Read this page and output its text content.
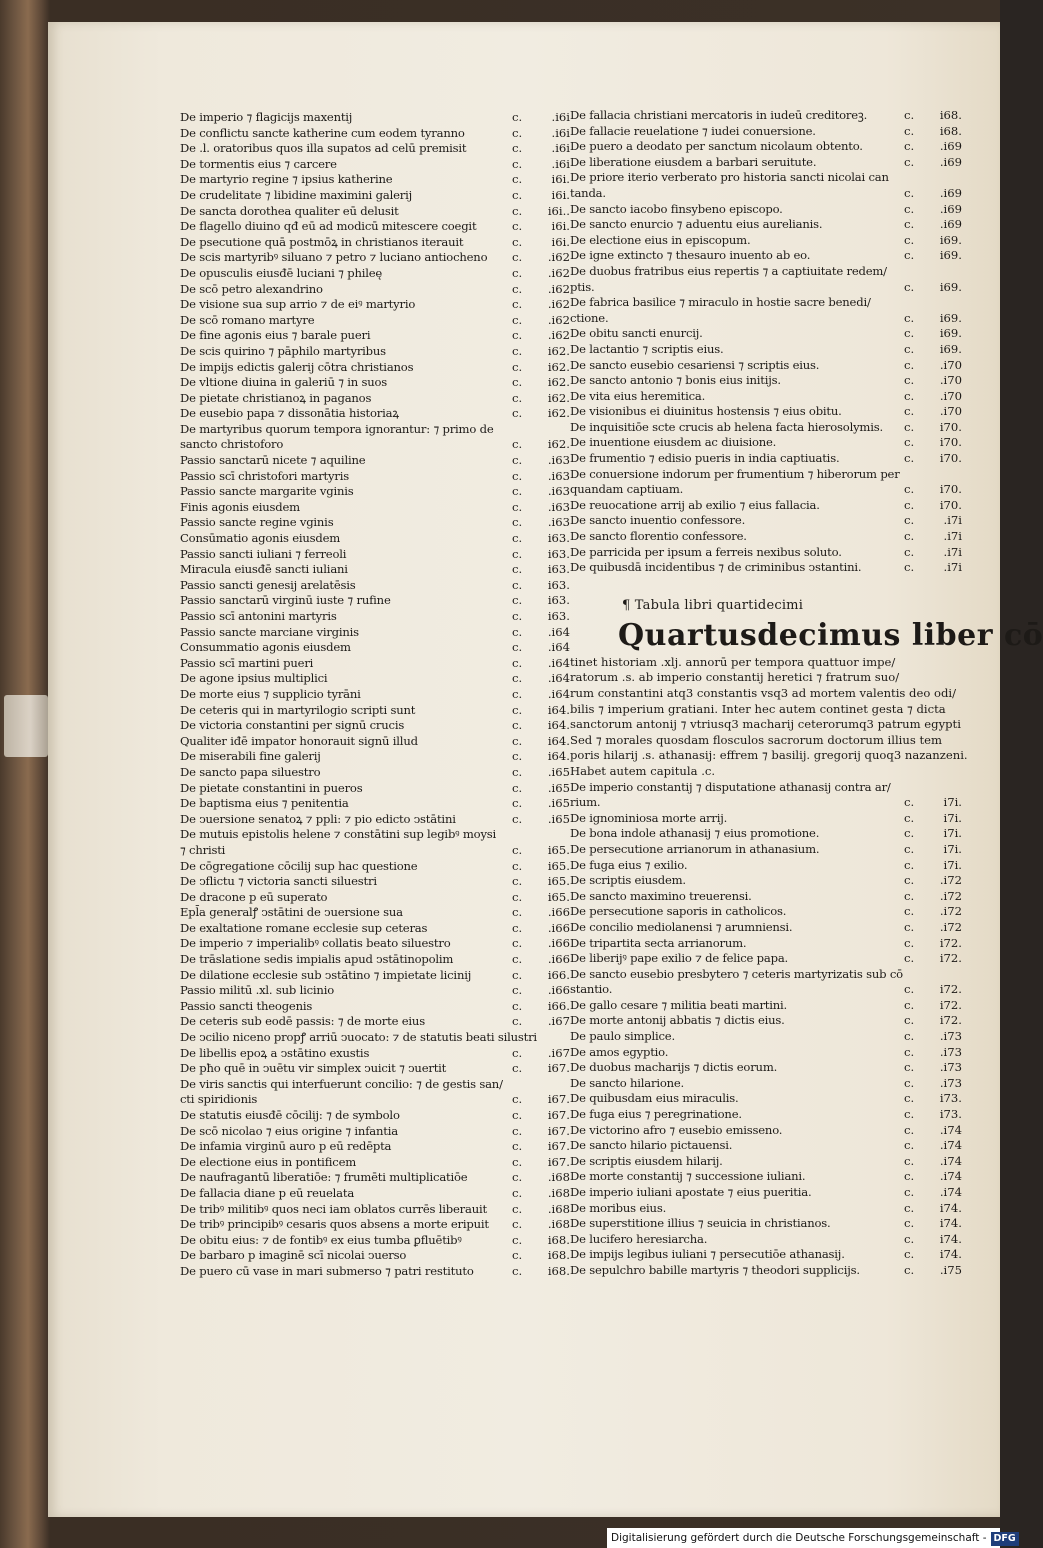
De imperio ⁊ flagicijs maxentij	c.	.i6i
De conflictu sancte katherine cum eodem tyranno	c.	.i6i
De .l. oratoribus quos illa supatos ad celū premisit	c.	.i6i
De tormentis eius ⁊ carcere	c.	.i6i
De martyrio regine ⁊ ipsius katherine	c.	i6i.
De crudelitate ⁊ libidine maximini galerij	c.	i6i.
De sancta dorothea qualiter eū delusit	c.	i6i..
De flagello diuino qđ eū ad modicū mitescere coegit	c.	i6i.
De psecutione quā postmōꝝ in christianos iterauit	c.	i6i.
De scis martyribꝰ siluano ⁊ petro ⁊ luciano antiocheno	c.	.i62
De opusculis eiusđē luciani ⁊ phileę	c.	.i62
De scō petro alexandrino	c.	.i62
De visione sua sup arrio ⁊ de eiꝰ martyrio	c.	.i62
De scō romano martyre	c.	.i62
De fine agonis eius ⁊ barale pueri	c.	.i62
De scis quirino ⁊ pāphilo martyribus	c.	i62.
De impijs edictis galerij cōtra christianos	c.	i62.
De vltione diuina in galeriū ⁊ in suos	c.	i62.
De pietate christianoꝝ in paganos	c.	i62.
De eusebio papa ⁊ dissonātia historiaꝝ	c.	i62.
De martyribus quorum tempora ignorantur: ⁊ primo de
sancto christoforo	c.	i62.
Passio sanctarū nicete ⁊ aquiline	c.	.i63
Passio scī christofori martyris	c.	.i63
Passio sancte margarite vginis	c.	.i63
Finis agonis eiusdem	c.	.i63
Passio sancte regine vginis	c.	.i63
Consūmatio agonis eiusdem	c.	i63.
Passio sancti iuliani ⁊ ferreoli	c.	i63.
Miracula eiusđē sancti iuliani	c.	i63.
Passio sancti genesij arelatēsis	c.	i63.
Passio sanctarū virginū iuste ⁊ rufine	c.	i63.
Passio scī antonini martyris	c.	i63.
Passio sancte marciane virginis	c.	.i64
Consummatio agonis eiusdem	c.	.i64
Passio scī martini pueri	c.	.i64
De agone ipsius multiplici	c.	.i64
De morte eius ⁊ supplicio tyrāni	c.	.i64
De ceteris qui in martyrilogio scripti sunt	c.	i64.
De victoria constantini per signū crucis	c.	i64.
Qualiter iđē impator honorauit signū illud	c.	i64.
De miserabili fine galerij	c.	i64.
De sancto papa siluestro	c.	.i65
De pietate constantini in pueros	c.	.i65
De baptisma eius ⁊ penitentia	c.	.i65
De ↄuersione senatoꝝ ⁊ ppli: ⁊ pio edicto ↄstātini	c.	.i65
De mutuis epistolis helene ⁊ constātini sup legibꝰ moysi
⁊ christi	c.	i65.
De cōgregatione cōcilij sup hac questione	c.	i65.
De ↄflictu ⁊ victoria sancti siluestri	c.	i65.
De dracone p eū superato	c.	i65.
Epl̄a generalꝭ ↄstātini de ↄuersione sua	c.	.i66
De exaltatione romane ecclesie sup ceteras	c.	.i66
De imperio ⁊ imperialibꝰ collatis beato siluestro	c.	.i66
De trāslatione sedis impialis apud ↄstātinopolim	c.	.i66
De dilatione ecclesie sub ↄstātino ⁊ impietate licinij	c.	i66.
Passio militū .xl. sub licinio	c.	.i66
Passio sancti theogenis	c.	i66.
De ceteris sub eodē passis: ⁊ de morte eius	c.	.i67
De ↄcilio niceno propꝭ arriū ↄuocato: ⁊ de statutis beati silustri
De libellis epoꝝ a ↄstātino exustis	c.	.i67
De pħo quē in ↄuētu vir simplex ↄuicit ⁊ ↄuertit	c.	i67.
De viris sanctis qui interfuerunt concilio: ⁊ de gestis san/
cti spiridionis	c.	i67.
De statutis eiusđē cōcilij: ⁊ de symbolo	c.	i67.
De scō nicolao ⁊ eius origine ⁊ infantia	c.	i67.
De infamia virginū auro p eū redēpta	c.	i67.
De electione eius in pontificem	c.	i67.
De naufragantū liberatiōe: ⁊ frumēti multiplicatiōe	c.	.i68
De fallacia diane p eū reuelata	c.	.i68
De tribꝰ militibꝰ quos neci iam oblatos currēs liberauit	c.	.i68
De tribꝰ principibꝰ cesaris quos absens a morte eripuit	c.	.i68
De obitu eius: ⁊ de fontibꝰ ex eius tumba ꝑfluētibꝰ	c.	i68.
De barbaro p imaginē scī nicolai ↄuerso	c.	i68.
De puero cū vase in mari submerso ⁊ patri restituto	c.	i68.
De fallacia christiani mercatoris in iudeū creditoreꝫ.	c.	i68.
De fallacie reuelatione ⁊ iudei conuersione.	c.	i68.
De puero a deodato per sanctum nicolaum obtento.	c.	.i69
De liberatione eiusdem a barbari seruitute.	c.	.i69
De priore iterio verberato pro historia sancti nicolai can
tanda.	c.	.i69
De sancto iacobo finsybeno episcopo.	c.	.i69
De sancto enurcio ⁊ aduentu eius aurelianis.	c.	.i69
De electione eius in episcopum.	c.	i69.
De igne extincto ⁊ thesauro inuento ab eo.	c.	i69.
De duobus fratribus eius repertis ⁊ a captiuitate redem/
ptis.	c.	i69.
De fabrica basilice ⁊ miraculo in hostie sacre benedi/
ctione.	c.	i69.
De obitu sancti enurcij.	c.	i69.
De lactantio ⁊ scriptis eius.	c.	i69.
De sancto eusebio cesariensi ⁊ scriptis eius.	c.	.i70
De sancto antonio ⁊ bonis eius initijs.	c.	.i70
De vita eius heremitica.	c.	.i70
De visionibus ei diuinitus hostensis ⁊ eius obitu.	c.	.i70
De inquisitiōe scte crucis ab helena facta hierosolymis.	c.	i70.
De inuentione eiusdem ac diuisione.	c.	i70.
De frumentio ⁊ edisio pueris in india captiuatis.	c.	i70.
De conuersione indorum per frumentium ⁊ hiberorum per
quandam captiuam.	c.	i70.
De reuocatione arrij ab exilio ⁊ eius fallacia.	c.	i70.
De sancto inuentio confessore.	c.	.i7i
De sancto florentio confessore.	c.	.i7i
De parricida per ipsum a ferreis nexibus soluto.	c.	.i7i
De quibusdā incidentibus ⁊ de criminibus ↄstantini.	c.	.i7i
¶ Tabula libri quartidecimi
Quartusdecimus liber cō
tinet historiam .xlj. annorū per tempora quattuor impe/
ratorum .s. ab imperio constantij heretici ⁊ fratrum suo/
rum constantini atq3 constantis vsq3 ad mortem valentis deo odi/
bilis ⁊ imperium gratiani. Inter hec autem continet gesta ⁊ dicta
sanctorum antonij ⁊ vtriusq3 macharij ceterorumq3 patrum egypti
Sed ⁊ morales quosdam flosculos sacrorum doctorum illius tem
poris hilarij .s. athanasij: effrem ⁊ basilij. gregorij quoq3 nazanzeni.
Habet autem capitula .c.
De imperio constantij ⁊ disputatione athanasij contra ar/
rium.	c.	i7i.
De ignominiosa morte arrij.	c.	i7i.
De bona indole athanasij ⁊ eius promotione.	c.	i7i.
De persecutione arrianorum in athanasium.	c.	i7i.
De fuga eius ⁊ exilio.	c.	i7i.
De scriptis eiusdem.	c.	.i72
De sancto maximino treuerensi.	c.	.i72
De persecutione saporis in catholicos.	c.	.i72
De concilio mediolanensi ⁊ arumniensi.	c.	.i72
De tripartita secta arrianorum.	c.	i72.
De liberijꝰ pape exilio ⁊ de felice papa.	c.	i72.
De sancto eusebio presbytero ⁊ ceteris martyrizatis sub cō
stantio.	c.	i72.
De gallo cesare ⁊ militia beati martini.	c.	i72.
De morte antonij abbatis ⁊ dictis eius.	c.	i72.
De paulo simplice.	c.	.i73
De amos egyptio.	c.	.i73
De duobus macharijs ⁊ dictis eorum.	c.	.i73
De sancto hilarione.	c.	.i73
De quibusdam eius miraculis.	c.	i73.
De fuga eius ⁊ peregrinatione.	c.	i73.
De victorino afro ⁊ eusebio emisseno.	c.	.i74
De sancto hilario pictauensi.	c.	.i74
De scriptis eiusdem hilarij.	c.	.i74
De morte constantij ⁊ successione iuliani.	c.	.i74
De imperio iuliani apostate ⁊ eius pueritia.	c.	.i74
De moribus eius.	c.	i74.
De superstitione illius ⁊ seuicia in christianos.	c.	i74.
De lucifero heresiarcha.	c.	i74.
De impijs legibus iuliani ⁊ persecutiōe athanasij.	c.	i74.
De sepulchro babille martyris ⁊ theodori supplicijs.	c.	.i75
Digitalisierung gefördert durch die Deutsche Forschungsgemeinschaft - DFG
